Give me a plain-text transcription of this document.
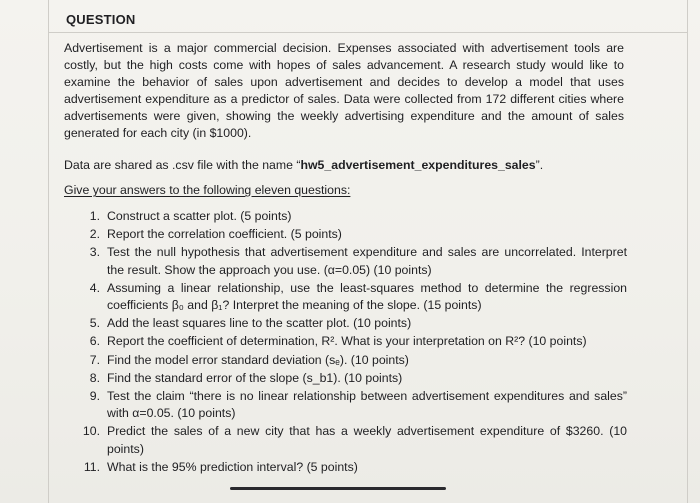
QUESTION
Advertisement is a major commercial decision. Expenses associated with advertisement tools are costly, but the high costs come with hopes of sales advancement. A research study would like to examine the behavior of sales upon advertisement and decides to develop a model that uses advertisement expenditure as a predictor of sales. Data were collected from 172 different cities where advertisements were given, showing the weekly advertising expenditure and the amount of sales generated for each city (in $1000).
Data are shared as .csv file with the name “hw5_advertisement_expenditures_sales”.
Give your answers to the following eleven questions:
1. Construct a scatter plot. (5 points)
2. Report the correlation coefficient. (5 points)
3. Test the null hypothesis that advertisement expenditure and sales are uncorrelated. Interpret the result. Show the approach you use. (α=0.05) (10 points)
4. Assuming a linear relationship, use the least-squares method to determine the regression coefficients β₀ and β₁? Interpret the meaning of the slope. (15 points)
5. Add the least squares line to the scatter plot. (10 points)
6. Report the coefficient of determination, R². What is your interpretation on R²? (10 points)
7. Find the model error standard deviation (sₑ). (10 points)
8. Find the standard error of the slope (s_b1). (10 points)
9. Test the claim “there is no linear relationship between advertisement expenditures and sales” with α=0.05. (10 points)
10. Predict the sales of a new city that has a weekly advertisement expenditure of $3260. (10 points)
11. What is the 95% prediction interval? (5 points)
